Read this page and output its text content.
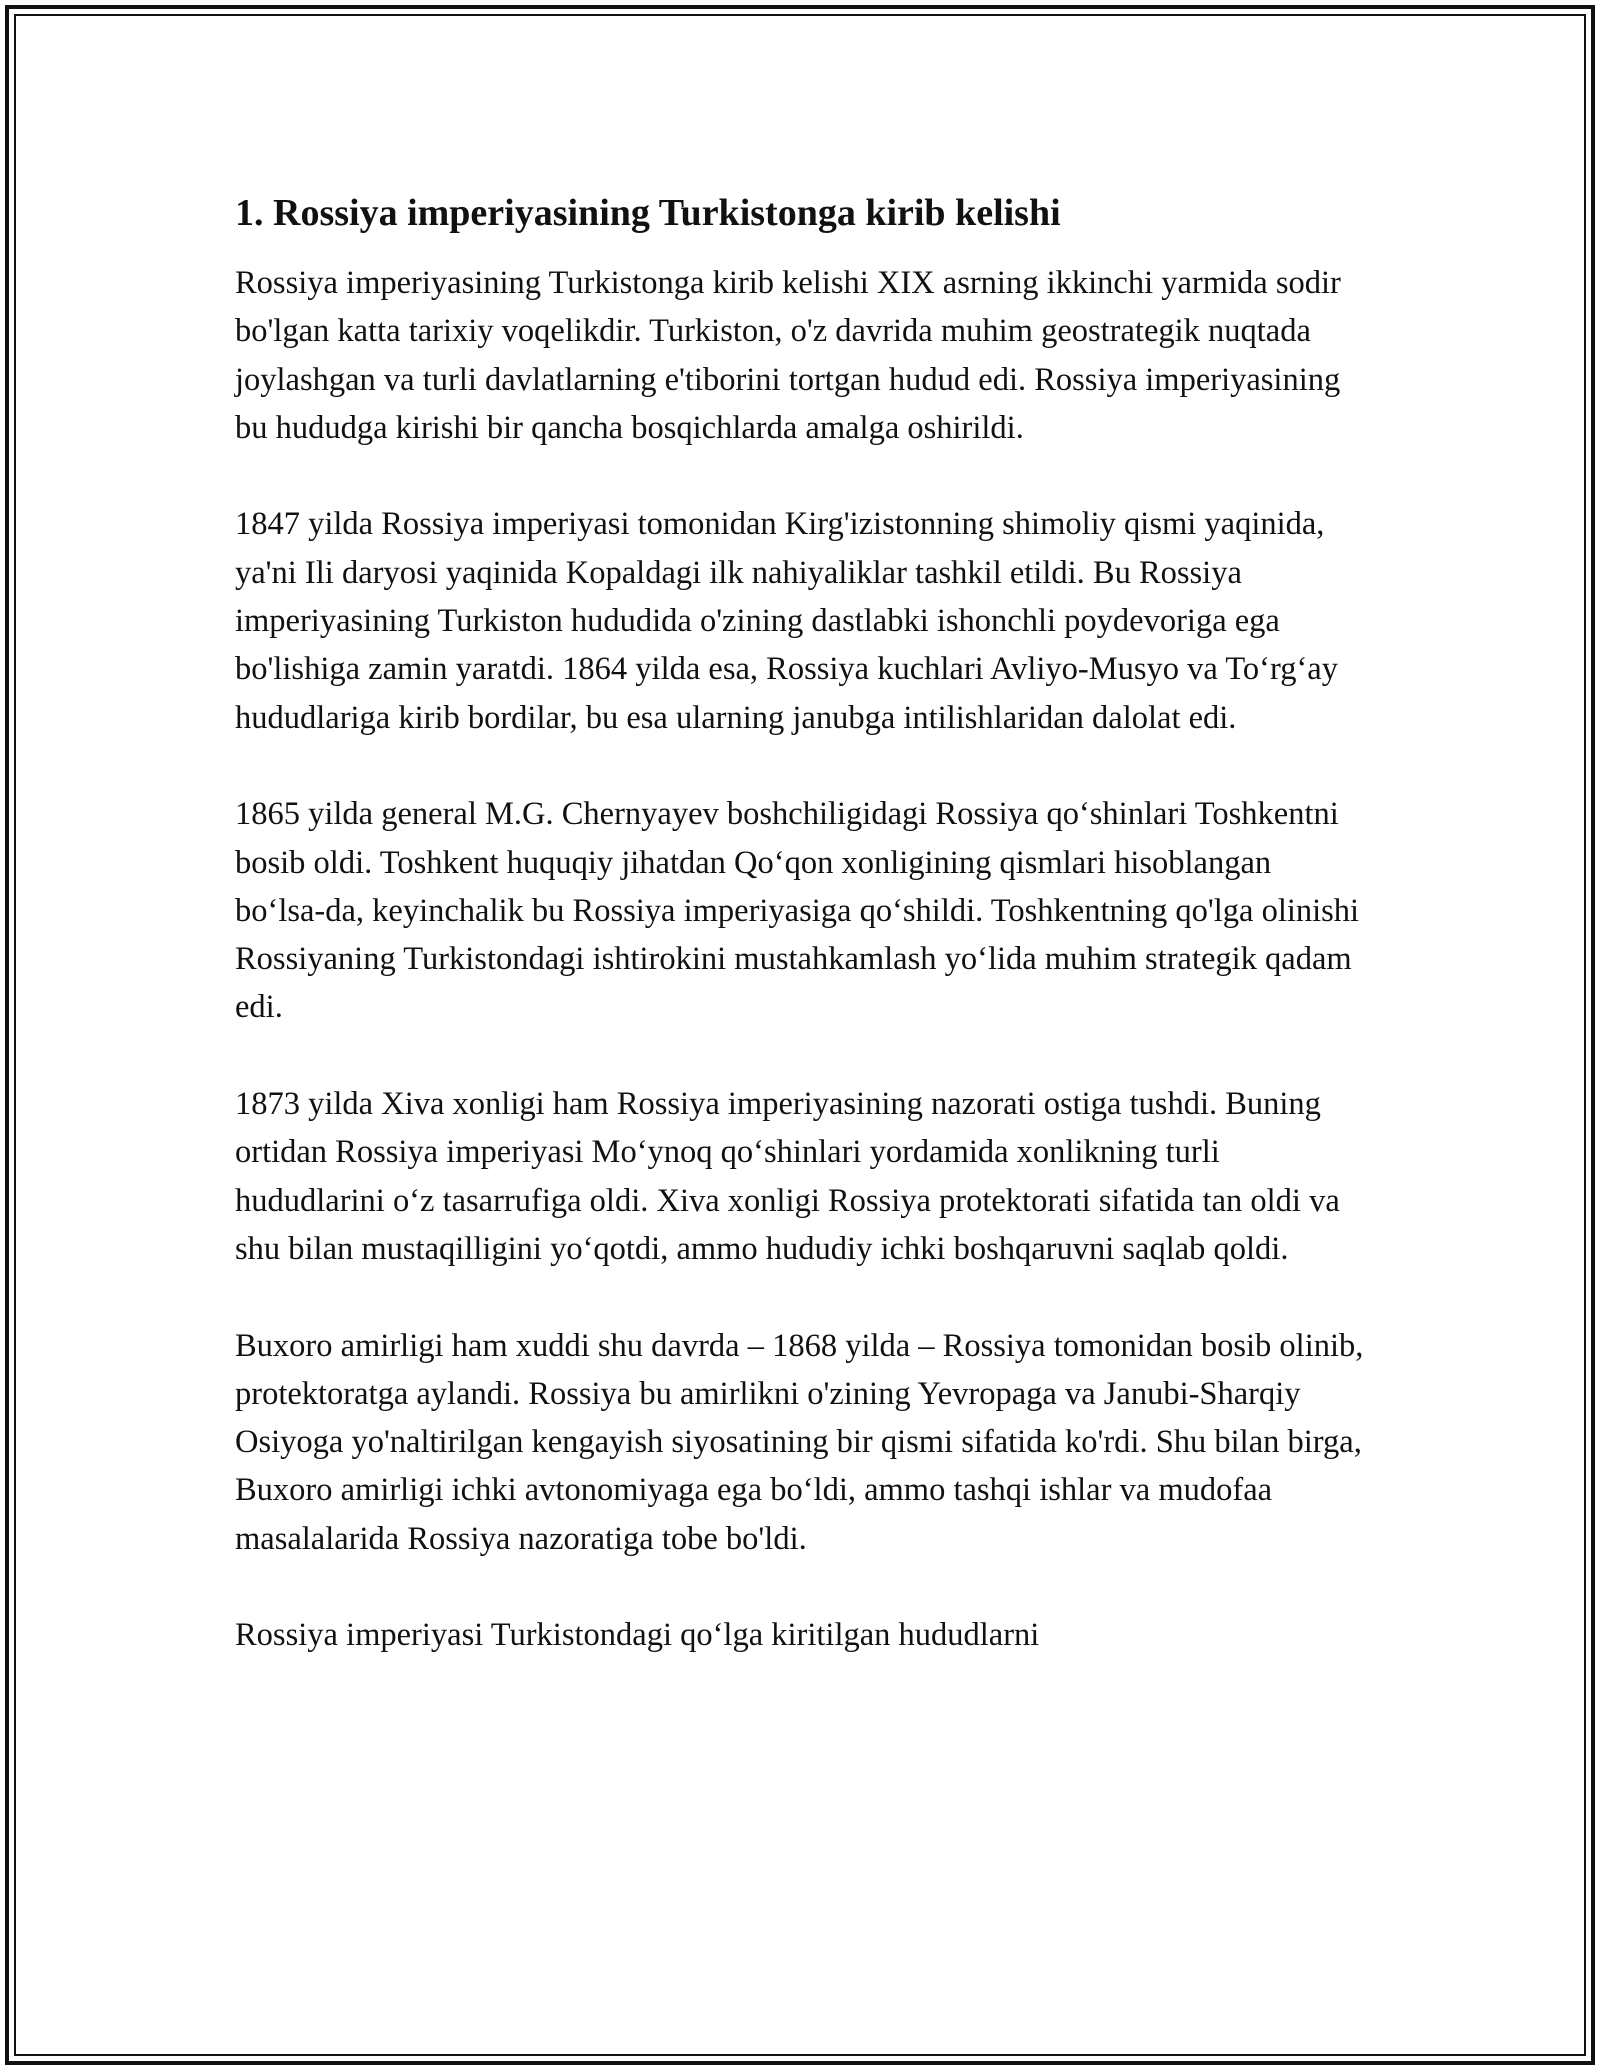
1. Rossiya imperiyasining Turkistonga kirib kelishi

Rossiya imperiyasining Turkistonga kirib kelishi XIX asrning ikkinchi yarmida sodir bo'lgan katta tarixiy voqelikdir. Turkiston, o'z davrida muhim geostrategik nuqtada joylashgan va turli davlatlarning e'tiborini tortgan hudud edi. Rossiya imperiyasining bu hududga kirishi bir qancha bosqichlarda amalga oshirildi.

1847 yilda Rossiya imperiyasi tomonidan Kirg'izistonning shimoliy qismi yaqinida, ya'ni Ili daryosi yaqinida Kopaldagi ilk nahiyaliklar tashkil etildi. Bu Rossiya imperiyasining Turkiston hududida o'zining dastlabki ishonchli poydevoriga ega bo'lishiga zamin yaratdi. 1864 yilda esa, Rossiya kuchlari Avliyo-Musyo va To‘rg‘ay hududlariga kirib bordilar, bu esa ularning janubga intilishlaridan dalolat edi.

1865 yilda general M.G. Chernyayev boshchiligidagi Rossiya qo‘shinlari Toshkentni bosib oldi. Toshkent huquqiy jihatdan Qo‘qon xonligining qismlari hisoblangan bo‘lsa-da, keyinchalik bu Rossiya imperiyasiga qo‘shildi. Toshkentning qo'lga olinishi Rossiyaning Turkistondagi ishtirokini mustahkamlash yo‘lida muhim strategik qadam edi.

1873 yilda Xiva xonligi ham Rossiya imperiyasining nazorati ostiga tushdi. Buning ortidan Rossiya imperiyasi Mo‘ynoq qo‘shinlari yordamida xonlikning turli hududlarini o‘z tasarrufiga oldi. Xiva xonligi Rossiya protektorati sifatida tan oldi va shu bilan mustaqilligini yo‘qotdi, ammo hududiy ichki boshqaruvni saqlab qoldi.

Buxoro amirligi ham xuddi shu davrda – 1868 yilda – Rossiya tomonidan bosib olinib, protektoratga aylandi. Rossiya bu amirlikni o'zining Yevropaga va Janubi-Sharqiy Osiyoga yo'naltirilgan kengayish siyosatining bir qismi sifatida ko'rdi. Shu bilan birga, Buxoro amirligi ichki avtonomiyaga ega bo‘ldi, ammo tashqi ishlar va mudofaa masalalarida Rossiya nazoratiga tobe bo'ldi.

Rossiya imperiyasi Turkistondagi qo‘lga kiritilgan hududlarni
